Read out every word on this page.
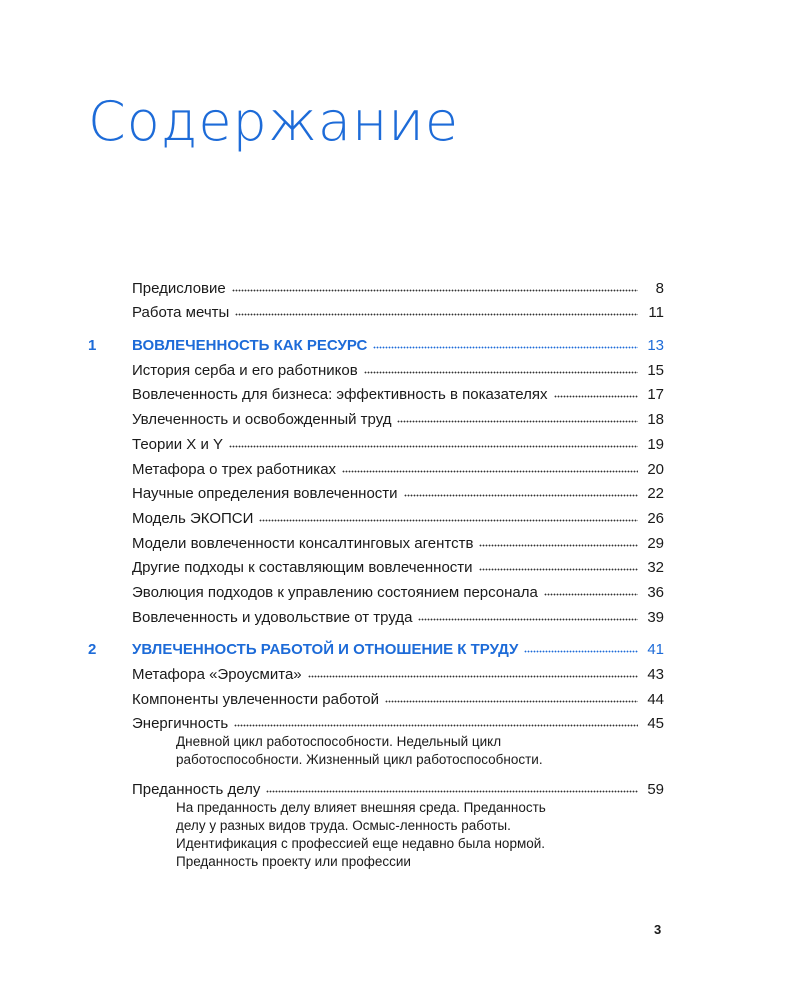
Содержание
Предисловие	8
Работа мечты	11
1	ВОВЛЕЧЕННОСТЬ КАК РЕСУРС	13
История серба и его работников	15
Вовлеченность для бизнеса: эффективность в показателях	17
Увлеченность и освобожденный труд	18
Теории X и Y	19
Метафора о трех работниках	20
Научные определения вовлеченности	22
Модель ЭКОПСИ	26
Модели вовлеченности консалтинговых агентств	29
Другие подходы к составляющим вовлеченности	32
Эволюция подходов к управлению состоянием персонала	36
Вовлеченность и удовольствие от труда	39
2	УВЛЕЧЕННОСТЬ РАБОТОЙ И ОТНОШЕНИЕ К ТРУДУ	41
Метафора «Эроусмита»	43
Компоненты увлеченности работой	44
Энергичность	45
Дневной цикл работоспособности. Недельный цикл работоспособности. Жизненный цикл работоспособности.
Преданность делу	59
На преданность делу влияет внешняя среда. Преданность делу у разных видов труда. Осмыс-ленность работы. Идентификация с профессией еще недавно была нормой. Преданность проекту или профессии
3
